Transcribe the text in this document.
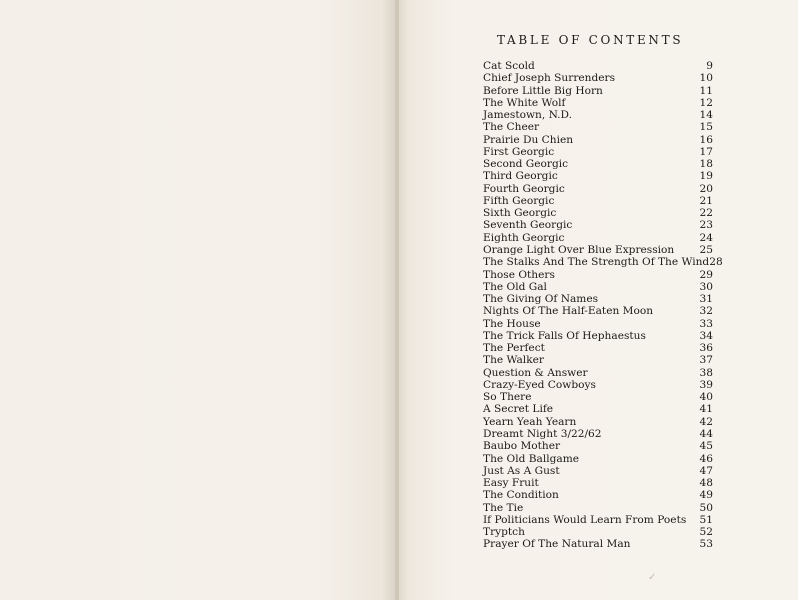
TABLE OF CONTENTS
Cat Scold	9
Chief Joseph Surrenders	10
Before Little Big Horn	11
The White Wolf	12
Jamestown, N.D.	14
The Cheer	15
Prairie Du Chien	16
First Georgic	17
Second Georgic	18
Third Georgic	19
Fourth Georgic	20
Fifth Georgic	21
Sixth Georgic	22
Seventh Georgic	23
Eighth Georgic	24
Orange Light Over Blue Expression	25
The Stalks And The Strength Of The Wind 28
Those Others	29
The Old Gal	30
The Giving Of Names	31
Nights Of The Half-Eaten Moon	32
The House	33
The Trick Falls Of Hephaestus	34
The Perfect	36
The Walker	37
Question & Answer	38
Crazy-Eyed Cowboys	39
So There	40
A Secret Life	41
Yearn Yeah Yearn	42
Dreamt Night 3/22/62	44
Baubo Mother	45
The Old Ballgame	46
Just As A Gust	47
Easy Fruit	48
The Condition	49
The Tie	50
If Politicians Would Learn From Poets	51
Tryptch	52
Prayer Of The Natural Man	53
✓
